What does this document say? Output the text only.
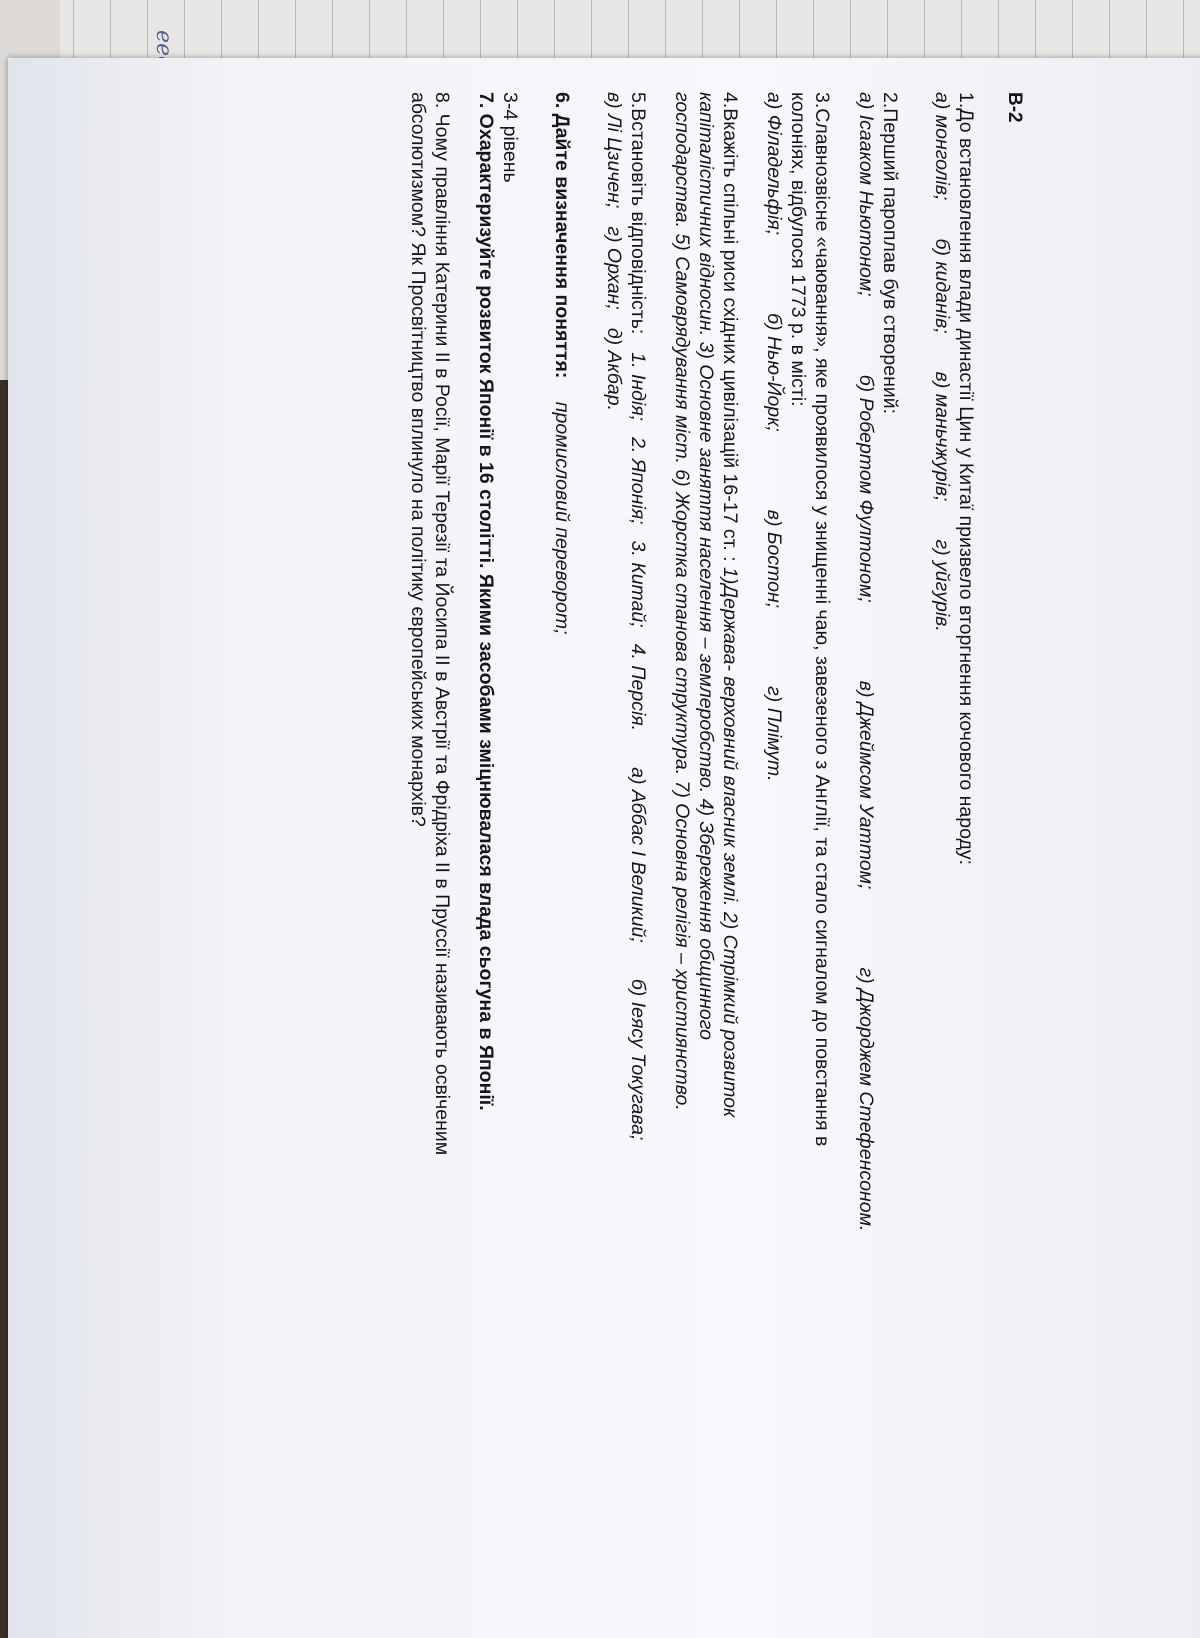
В-2
1.До встановлення влади династії Цин у Китаї призвело вторгнення кочового народу:
а) монголів;
б) киданів;
в) маньчжурів;
г) уйгурів.
2.Перший пароплав був створений:
а) Ісааком Ньютоном;
б) Робертом Фултоном;
в) Джеймсом Уаттом;
г) Джорджем Стефенсоном.
3.Славнозвісне «чаювання», яке проявилося у знищенні чаю, завезеного з Англії, та стало сигналом до повстання в
колоніях, відбулося 1773 р. в місті:
а) Філадельфія;
б) Нью-Йорк;
в) Бостон;
г) Плімут.
4.Вкажіть спільні риси східних цивілізацій 16-17 ст. : 1)Держава- верховний власник землі. 2) Стрімкий розвиток
капіталістичних відносин. 3) Основне заняття населення – землеробство. 4) Збереження общинного
господарства. 5) Самоврядування міст. 6) Жорстка станова структура. 7) Основна релігія – християнство.
5.Встановіть відповідність:
1. Індія;
2. Японія;
3. Китай;
4. Персія.
а) Аббас І Великий;
б) Іеясу Токугава;
в) Лі Цзичен;
г) Орхан;
д) Акбар.
6. Дайте визначення поняття: промисловий переворот;
3-4 рівень
7. Охарактеризуйте розвиток Японії в 16 столітті. Якими засобами зміцнювалася влада сьогуна в Японії.
8. Чому правління Катерини ІІ в Росії, Марії Терезії та Йосипа ІІ в Австрії та Фрідріха ІІ в Пруссії називають освіченим
абсолютизмом? Як Просвітництво вплинуло на політику європейських монархів?
